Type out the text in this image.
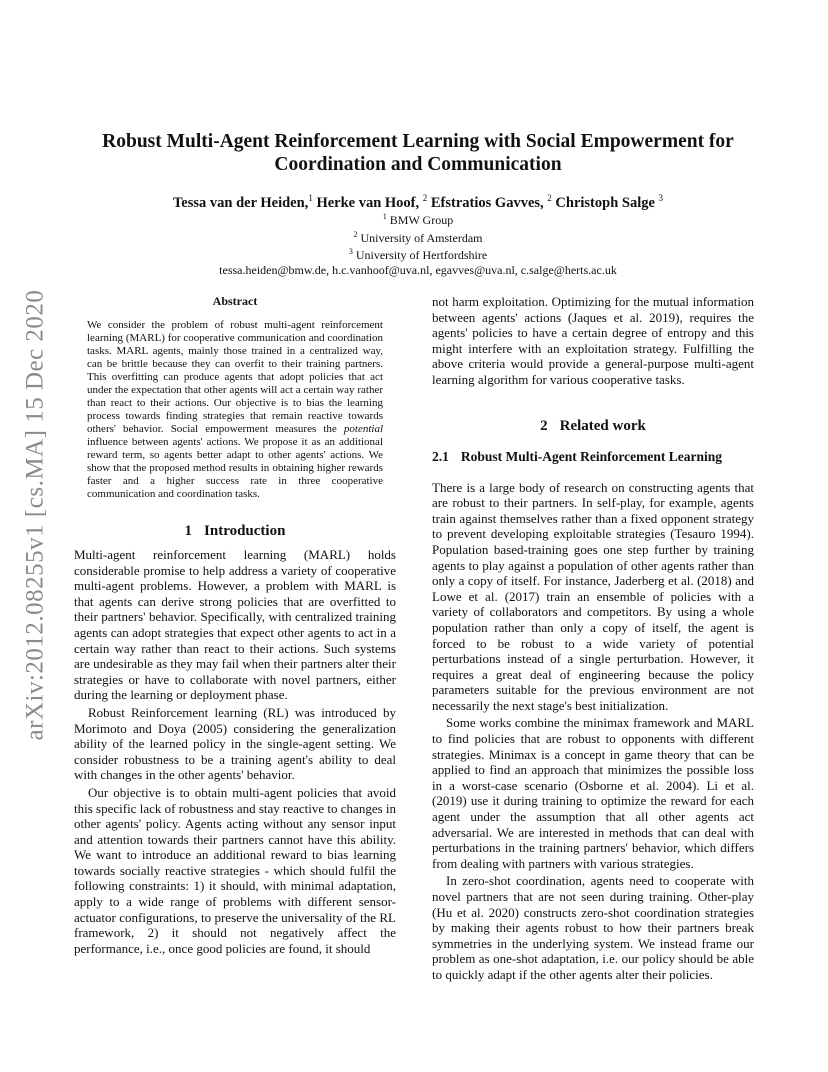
arXiv:2012.08255v1 [cs.MA] 15 Dec 2020
Robust Multi-Agent Reinforcement Learning with Social Empowerment for Coordination and Communication
Tessa van der Heiden,$^1$ Herke van Hoof, $^2$ Efstratios Gavves, $^2$ Christoph Salge $^3$
$^1$ BMW Group
$^2$ University of Amsterdam
$^3$ University of Hertfordshire
tessa.heiden@bmw.de, h.c.vanhoof@uva.nl, egavves@uva.nl, c.salge@herts.ac.uk
Abstract

We consider the problem of robust multi-agent reinforcement learning (MARL) for cooperative communication and coordination tasks. MARL agents, mainly those trained in a centralized way, can be brittle because they can overfit to their training partners. This overfitting can produce agents that adopt policies that act under the expectation that other agents will act a certain way rather than react to their actions. Our objective is to bias the learning process towards finding strategies that remain reactive towards others' behavior. Social empowerment measures the potential influence between agents' actions. We propose it as an additional reward term, so agents better adapt to other agents' actions. We show that the proposed method results in obtaining higher rewards faster and a higher success rate in three cooperative communication and coordination tasks.

1 Introduction

Multi-agent reinforcement learning (MARL) holds considerable promise to help address a variety of cooperative multi-agent problems. However, a problem with MARL is that agents can derive strong policies that are overfitted to their partners' behavior. Specifically, with centralized training agents can adopt strategies that expect other agents to act in a certain way rather than react to their actions. Such systems are undesirable as they may fail when their partners alter their strategies or have to collaborate with novel partners, either during the learning or deployment phase.

Robust Reinforcement learning (RL) was introduced by Morimoto and Doya (2005) considering the generalization ability of the learned policy in the single-agent setting. We consider robustness to be a training agent's ability to deal with changes in the other agents' behavior.

Our objective is to obtain multi-agent policies that avoid this specific lack of robustness and stay reactive to changes in other agents' policy. Agents acting without any sensor input and attention towards their partners cannot have this ability. We want to introduce an additional reward to bias learning towards socially reactive strategies - which should fulfil the following constraints: 1) it should, with minimal adaptation, apply to a wide range of problems with different sensor-actuator configurations, to preserve the universality of the RL framework, 2) it should not negatively affect the performance, i.e., once good policies are found, it should

not harm exploitation. Optimizing for the mutual information between agents' actions (Jaques et al. 2019), requires the agents' policies to have a certain degree of entropy and this might interfere with an exploitation strategy. Fulfilling the above criteria would provide a general-purpose multi-agent learning algorithm for various cooperative tasks.

2 Related work
2.1 Robust Multi-Agent Reinforcement Learning

There is a large body of research on constructing agents that are robust to their partners. In self-play, for example, agents train against themselves rather than a fixed opponent strategy to prevent developing exploitable strategies (Tesauro 1994). Population based-training goes one step further by training agents to play against a population of other agents rather than only a copy of itself. For instance, Jaderberg et al. (2018) and Lowe et al. (2017) train an ensemble of policies with a variety of collaborators and competitors. By using a whole population rather than only a copy of itself, the agent is forced to be robust to a wide variety of potential perturbations instead of a single perturbation. However, it requires a great deal of engineering because the policy parameters suitable for the previous environment are not necessarily the next stage's best initialization.

Some works combine the minimax framework and MARL to find policies that are robust to opponents with different strategies. Minimax is a concept in game theory that can be applied to find an approach that minimizes the possible loss in a worst-case scenario (Osborne et al. 2004). Li et al. (2019) use it during training to optimize the reward for each agent under the assumption that all other agents act adversarial. We are interested in methods that can deal with perturbations in the training partners' behavior, which differs from dealing with partners with various strategies.

In zero-shot coordination, agents need to cooperate with novel partners that are not seen during training. Other-play (Hu et al. 2020) constructs zero-shot coordination strategies by making their agents robust to how their partners break symmetries in the underlying system. We instead frame our problem as one-shot adaptation, i.e. our policy should be able to quickly adapt if the other agents alter their policies.
